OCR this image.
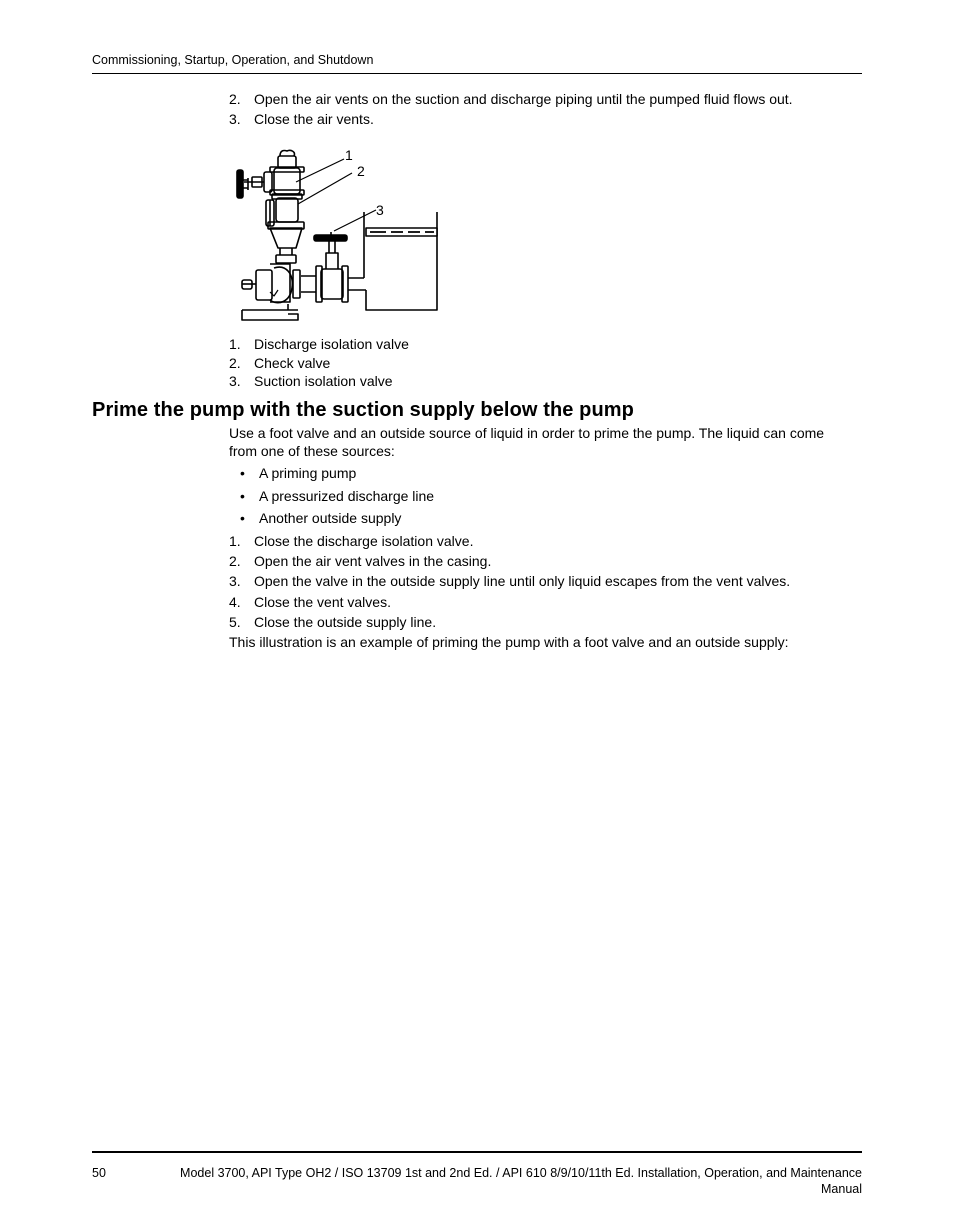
Commissioning, Startup, Operation, and Shutdown
2. Open the air vents on the suction and discharge piping until the pumped fluid flows out.
3. Close the air vents.
1
2
3
1. Discharge isolation valve
2. Check valve
3. Suction isolation valve
Prime the pump with the suction supply below the pump

Use a foot valve and an outside source of liquid in order to prime the pump. The liquid can come from one of these sources:

•	A priming pump
•	A pressurized discharge line
•	Another outside supply
1. Close the discharge isolation valve.
2. Open the air vent valves in the casing.
3. Open the valve in the outside supply line until only liquid escapes from the vent valves.
4. Close the vent valves.
5. Close the outside supply line.

This illustration is an example of priming the pump with a foot valve and an outside supply:

50	Model 3700, API Type OH2 / ISO 13709 1st and 2nd Ed. / API 610 8/9/10/11th Ed. Installation, Operation, and Maintenance
Manual
